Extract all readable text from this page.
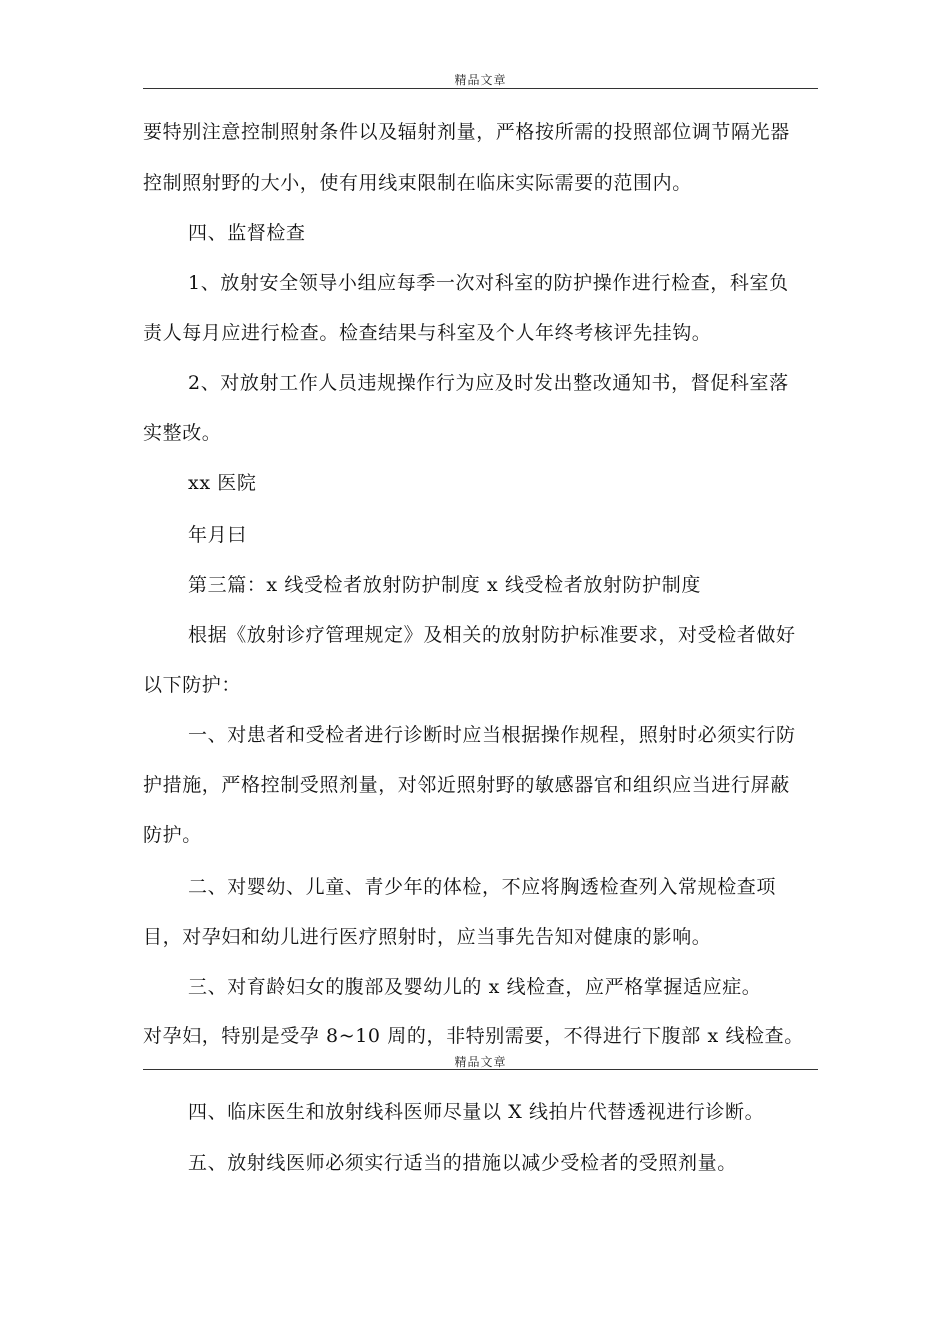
精品文章
要特别注意控制照射条件以及辐射剂量，严格按所需的投照部位调节隔光器
控制照射野的大小，使有用线束限制在临床实际需要的范围内。
四、监督检查
1、放射安全领导小组应每季一次对科室的防护操作进行检查，科室负
责人每月应进行检查。检查结果与科室及个人年终考核评先挂钩。
2、对放射工作人员违规操作行为应及时发出整改通知书，督促科室落
实整改。
xx 医院
年月曰
第三篇：x 线受检者放射防护制度 x 线受检者放射防护制度
根据《放射诊疗管理规定》及相关的放射防护标准要求，对受检者做好
以下防护：
一、对患者和受检者进行诊断时应当根据操作规程，照射时必须实行防
护措施，严格控制受照剂量，对邻近照射野的敏感器官和组织应当进行屏蔽
防护。
二、对婴幼、儿童、青少年的体检，不应将胸透检查列入常规检查项
目，对孕妇和幼儿进行医疗照射时，应当事先告知对健康的影响。
三、对育龄妇女的腹部及婴幼儿的 x 线检查，应严格掌握适应症。
对孕妇，特别是受孕 8~10 周的，非特别需要，不得进行下腹部 x 线检查。
精品文章
四、临床医生和放射线科医师尽量以 X 线拍片代替透视进行诊断。
五、放射线医师必须实行适当的措施以减少受检者的受照剂量。
